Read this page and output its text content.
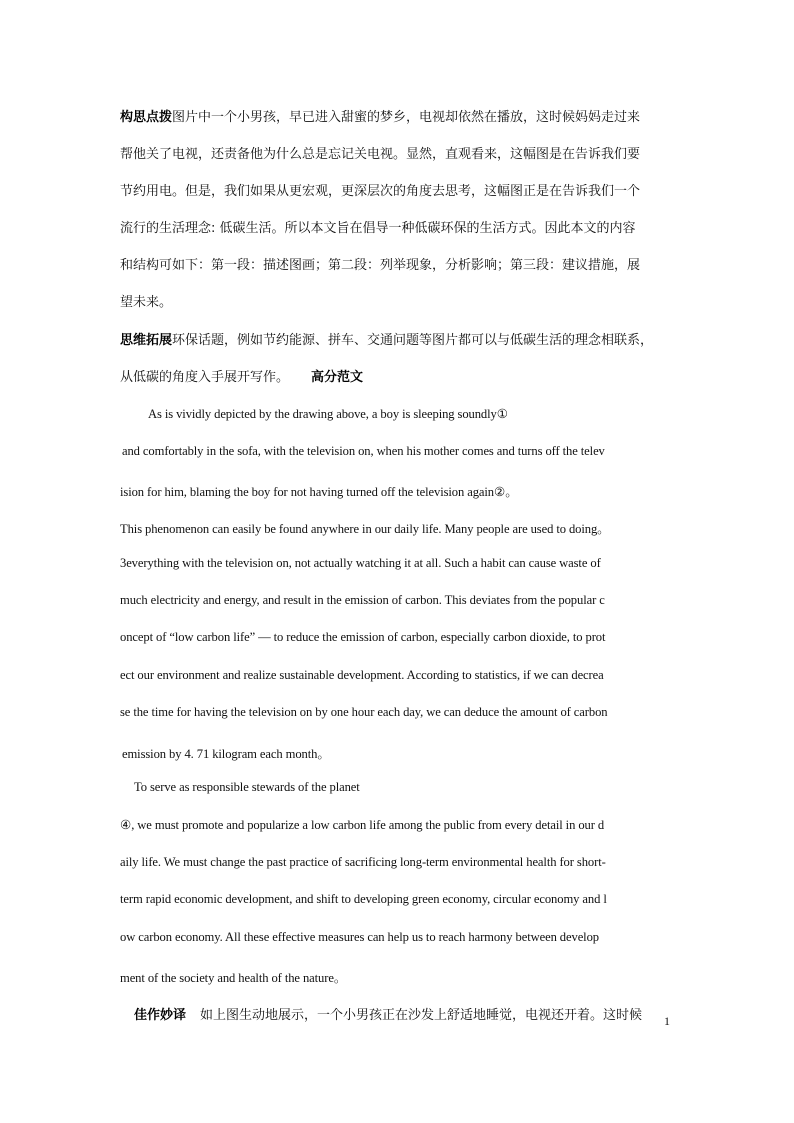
构思点拨图片中一个小男孩，早已进入甜蜜的梦乡，电视却依然在播放，这时候妈妈走过来
帮他关了电视，还责备他为什么总是忘记关电视。显然，直观看来，这幅图是在告诉我们要
节约用电。但是，我们如果从更宏观，更深层次的角度去思考，这幅图正是在告诉我们一个
流行的生活理念: 低碳生活。所以本文旨在倡导一种低碳环保的生活方式。因此本文的内容
和结构可如下：第一段：描述图画；第二段：列举现象，分析影响；第三段：建议措施，展
望未来。
思维拓展环保话题，例如节约能源、拼车、交通问题等图片都可以与低碳生活的理念相联系，
从低碳的角度入手展开写作。 高分范文
As is vividly depicted by the drawing above, a boy is sleeping soundly①
and comfortably in the sofa, with the television on, when his mother comes and turns off the telev
ision for him, blaming the boy for not having turned off the television again②。
This phenomenon can easily be found anywhere in our daily life. Many people are used to doing。
3everything with the television on, not actually watching it at all. Such a habit can cause waste of
much electricity and energy, and result in the emission of carbon. This deviates from the popular c
oncept of “low carbon life” — to reduce the emission of carbon, especially carbon dioxide, to prot
ect our environment and realize sustainable development. According to statistics, if we can decrea
se the time for having the television on by one hour each day, we can deduce the amount of carbon
emission by 4. 71 kilogram each month。
To serve as responsible stewards of the planet
④, we must promote and popularize a low carbon life among the public from every detail in our d
aily life. We must change the past practice of sacrificing long-term environmental health for short-
term rapid economic development, and shift to developing green economy, circular economy and l
ow carbon economy. All these effective measures can help us to reach harmony between develop
ment of the society and health of the nature。
佳作妙译 如上图生动地展示，一个小男孩正在沙发上舒适地睡觉，电视还开着。这时候 1
